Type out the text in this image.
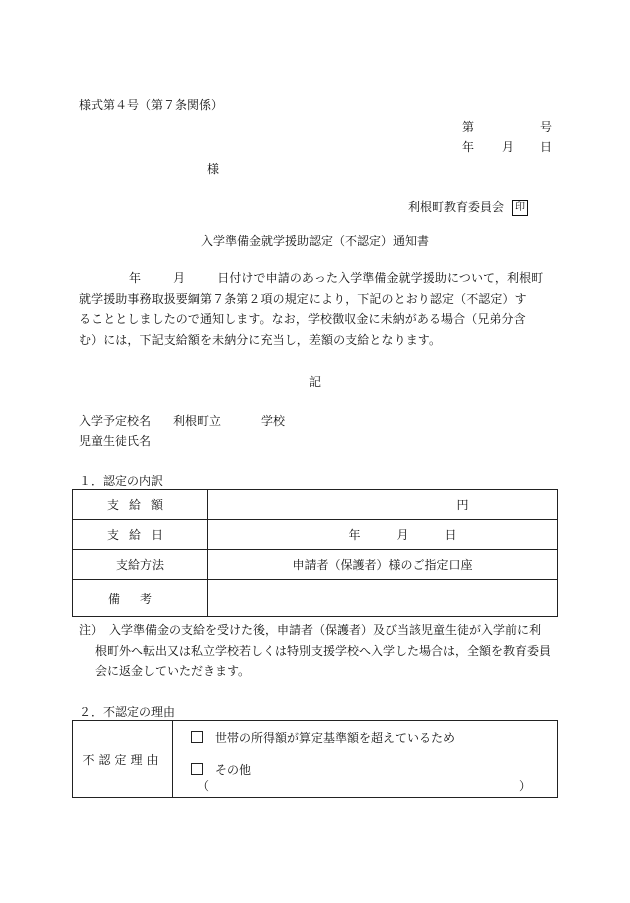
様式第４号（第７条関係）
第	号
年 月 日
様
利根町教育委員会 印
入学準備金就学援助認定（不認定）通知書
年	月	日付けで申請のあった入学準備金就学援助について，利根町
就学援助事務取扱要綱第７条第２項の規定により，下記のとおり認定（不認定）す
ることとしましたので通知します。なお，学校徴収金に未納がある場合（兄弟分含
む）には，下記支給額を未納分に充当し，差額の支給となります。
記
入学予定校名 利根町立	学校
児童生徒氏名
１．認定の内訳
支給額	円
支給日	年 月 日
支給方法	申請者（保護者）様のご指定口座
備考	
注）　入学準備金の支給を受けた後，申請者（保護者）及び当該児童生徒が入学前に利
根町外へ転出又は私立学校若しくは特別支援学校へ入学した場合は，全額を教育委員
会に返金していただきます。
２．不認定の理由
不認定理由	
世帯の所得額が算定基準額を超えているため
その他
（	）
